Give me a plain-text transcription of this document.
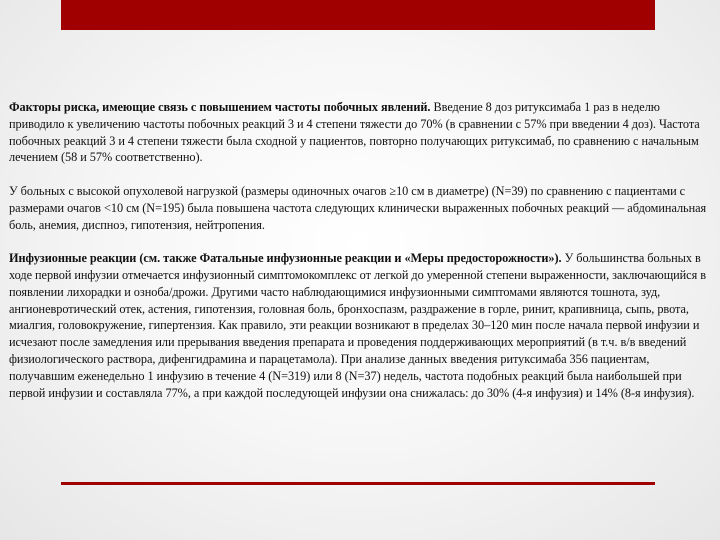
Факторы риска, имеющие связь с повышением частоты побочных явлений. Введение 8 доз ритуксимаба 1 раз в неделю приводило к увеличению частоты побочных реакций 3 и 4 степени тяжести до 70% (в сравнении с 57% при введении 4 доз). Частота побочных реакций 3 и 4 степени тяжести была сходной у пациентов, повторно получающих ритуксимаб, по сравнению с начальным лечением (58 и 57% соответственно).

У больных с высокой опухолевой нагрузкой (размеры одиночных очагов ≥10 см в диаметре) (N=39) по сравнению с пациентами с размерами очагов <10 см (N=195) была повышена частота следующих клинически выраженных побочных реакций — абдоминальная боль, анемия, диспноэ, гипотензия, нейтропения.

Инфузионные реакции (см. также Фатальные инфузионные реакции и «Меры предосторожности»). У большинства больных в ходе первой инфузии отмечается инфузионный симптомокомплекс от легкой до умеренной степени выраженности, заключающийся в появлении лихорадки и озноба/дрожи. Другими часто наблюдающимися инфузионными симптомами являются тошнота, зуд, ангионевротический отек, астения, гипотензия, головная боль, бронхоспазм, раздражение в горле, ринит, крапивница, сыпь, рвота, миалгия, головокружение, гипертензия. Как правило, эти реакции возникают в пределах 30–120 мин после начала первой инфузии и исчезают после замедления или прерывания введения препарата и проведения поддерживающих мероприятий (в т.ч. в/в введений физиологического раствора, дифенгидрамина и парацетамола). При анализе данных введения ритуксимаба 356 пациентам, получавшим еженедельно 1 инфузию в течение 4 (N=319) или 8 (N=37) недель, частота подобных реакций была наибольшей при первой инфузии и составляла 77%, а при каждой последующей инфузии она снижалась: до 30% (4-я инфузия) и 14% (8-я инфузия).
